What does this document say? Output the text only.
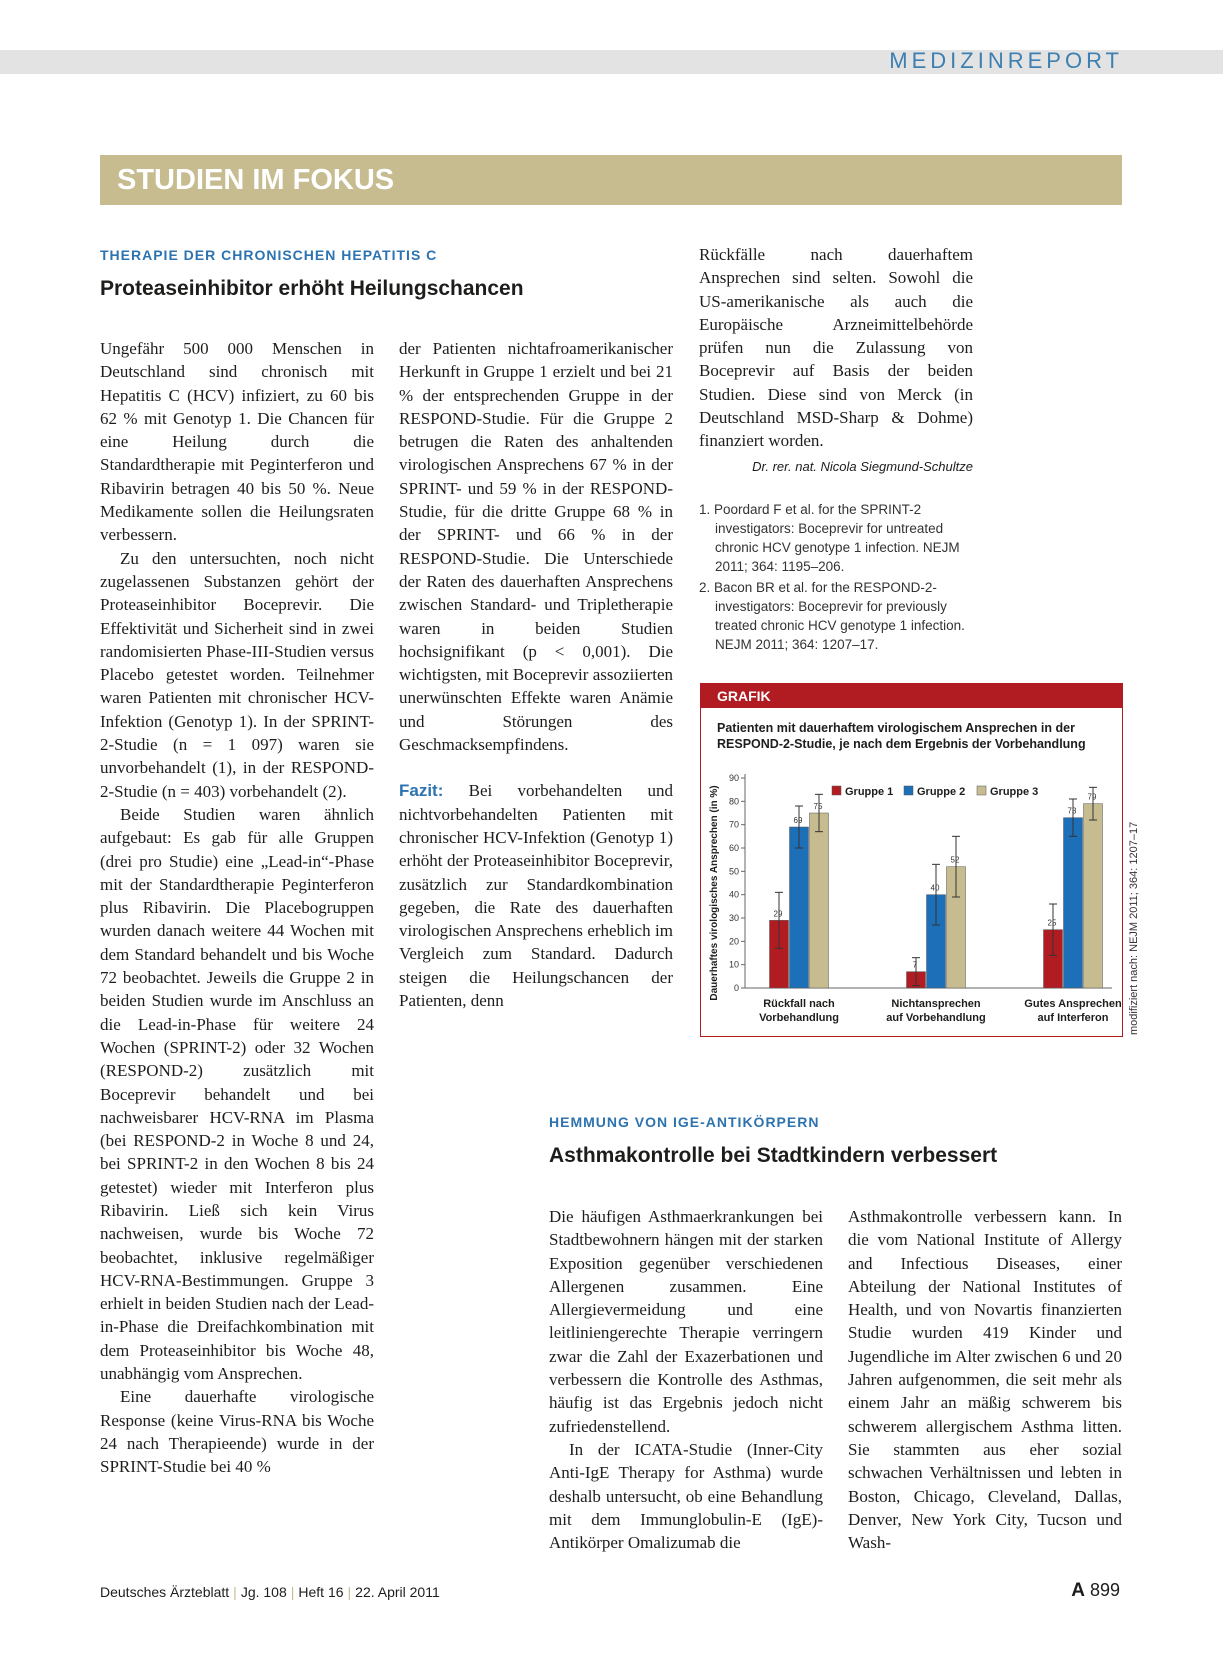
MEDIZINREPORT
STUDIEN IM FOKUS
THERAPIE DER CHRONISCHEN HEPATITIS C
Proteaseinhibitor erhöht Heilungschancen

Ungefähr 500 000 Menschen in Deutschland sind chronisch mit Hepatitis C (HCV) infiziert, zu 60 bis 62 % mit Genotyp 1. Die Chancen für eine Heilung durch die Standardtherapie mit Peginterferon und Ribavirin betragen 40 bis 50 %. Neue Medikamente sollen die Heilungsraten verbessern.

Zu den untersuchten, noch nicht zugelassenen Substanzen gehört der Proteaseinhibitor Boceprevir. Die Effektivität und Sicherheit sind in zwei randomisierten Phase-III-Studien versus Placebo getestet worden. Teilnehmer waren Patienten mit chronischer HCV-Infektion (Genotyp 1). In der SPRINT-2-Studie (n = 1 097) waren sie unvorbehandelt (1), in der RESPOND-2-Studie (n = 403) vorbehandelt (2).

Beide Studien waren ähnlich aufgebaut: Es gab für alle Gruppen (drei pro Studie) eine „Lead-in“-Phase mit der Standardtherapie Peginterferon plus Ribavirin. Die Placebogruppen wurden danach weitere 44 Wochen mit dem Standard behandelt und bis Woche 72 beobachtet. Jeweils die Gruppe 2 in beiden Studien wurde im Anschluss an die Lead-in-Phase für weitere 24 Wochen (SPRINT-2) oder 32 Wochen (RESPOND-2) zusätzlich mit Boceprevir behandelt und bei nachweisbarer HCV-RNA im Plasma (bei RESPOND-2 in Woche 8 und 24, bei SPRINT-2 in den Wochen 8 bis 24 getestet) wieder mit Interferon plus Ribavirin. Ließ sich kein Virus nachweisen, wurde bis Woche 72 beobachtet, inklusive regelmäßiger HCV-RNA-Bestimmungen. Gruppe 3 erhielt in beiden Studien nach der Lead-in-Phase die Dreifachkombination mit dem Proteaseinhibitor bis Woche 48, unabhängig vom Ansprechen.

Eine dauerhafte virologische Response (keine Virus-RNA bis Woche 24 nach Therapieende) wurde in der SPRINT-Studie bei 40 %

der Patienten nichtafroamerikanischer Herkunft in Gruppe 1 erzielt und bei 21 % der entsprechenden Gruppe in der RESPOND-Studie. Für die Gruppe 2 betrugen die Raten des anhaltenden virologischen Ansprechens 67 % in der SPRINT- und 59 % in der RESPOND-Studie, für die dritte Gruppe 68 % in der SPRINT- und 66 % in der RESPOND-Studie. Die Unterschiede der Raten des dauerhaften Ansprechens zwischen Standard- und Tripletherapie waren in beiden Studien hochsignifikant (p < 0,001). Die wichtigsten, mit Boceprevir assoziierten unerwünschten Effekte waren Anämie und Störungen des Geschmacksempfindens.

Fazit: Bei vorbehandelten und nichtvorbehandelten Patienten mit chronischer HCV-Infektion (Genotyp 1) erhöht der Proteaseinhibitor Boceprevir, zusätzlich zur Standardkombination gegeben, die Rate des dauerhaften virologischen Ansprechens erheblich im Vergleich zum Standard. Dadurch steigen die Heilungschancen der Patienten, denn

Rückfälle nach dauerhaftem Ansprechen sind selten. Sowohl die US-amerikanische als auch die Europäische Arzneimittelbehörde prüfen nun die Zulassung von Boceprevir auf Basis der beiden Studien. Diese sind von Merck (in Deutschland MSD-Sharp & Dohme) finanziert worden.

Dr. rer. nat. Nicola Siegmund-Schultze
1. Poordard F et al. for the SPRINT-2 investigators: Boceprevir for untreated chronic HCV genotype 1 infection. NEJM 2011; 364: 1195–206.
2. Bacon BR et al. for the RESPOND-2-investigators: Boceprevir for previously treated chronic HCV genotype 1 infection. NEJM 2011; 364: 1207–17.
GRAFIK
Patienten mit dauerhaftem virologischem Ansprechen in der RESPOND-2-Studie, je nach dem Ergebnis der Vorbehandlung
0
10
20
30
40
50
60
70
80
90
Dauerhaftes virologisches Ansprechen (in %)	29
69
75
Rückfall nach
Vorbehandlung
7
40
52
Nichtansprechen
auf Vorbehandlung
25
73
79
Gutes Ansprechen
auf Interferon
Gruppe 1 Gruppe 2 Gruppe 3
modifiziert nach: NEJM 2011; 364: 1207–17
HEMMUNG VON IGE-ANTIKÖRPERN
Asthmakontrolle bei Stadtkindern verbessert

Die häufigen Asthmaerkrankungen bei Stadtbewohnern hängen mit der starken Exposition gegenüber verschiedenen Allergenen zusammen. Eine Allergievermeidung und eine leitliniengerechte Therapie verringern zwar die Zahl der Exazerbationen und verbessern die Kontrolle des Asthmas, häufig ist das Ergebnis jedoch nicht zufriedenstellend.

In der ICATA-Studie (Inner-City Anti-IgE Therapy for Asthma) wurde deshalb untersucht, ob eine Behandlung mit dem Immunglobulin-E (IgE)-Antikörper Omalizumab die

Asthmakontrolle verbessern kann. In die vom National Institute of Allergy and Infectious Diseases, einer Abteilung der National Institutes of Health, und von Novartis finanzierten Studie wurden 419 Kinder und Jugendliche im Alter zwischen 6 und 20 Jahren aufgenommen, die seit mehr als einem Jahr an mäßig schwerem bis schwerem allergischem Asthma litten. Sie stammten aus eher sozial schwachen Verhältnissen und lebten in Boston, Chicago, Cleveland, Dallas, Denver, New York City, Tucson und Wash-

Deutsches Ärzteblatt | Jg. 108 | Heft 16 | 22. April 2011	A 899
